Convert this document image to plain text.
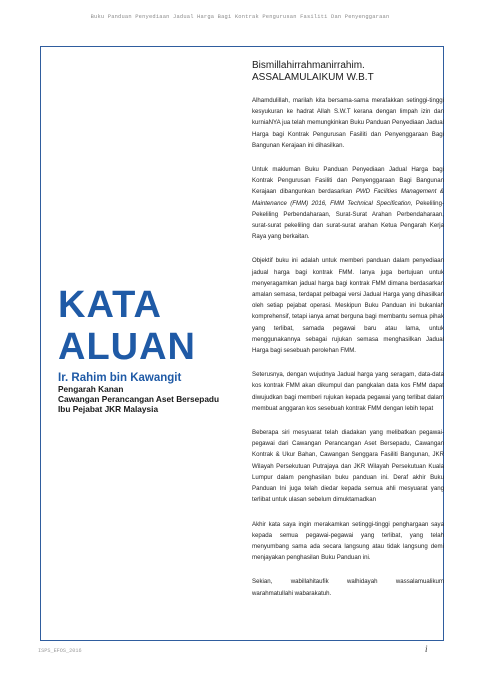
Buku Panduan Penyediaan Jadual Harga Bagi Kontrak Pengurusan Fasiliti Dan Penyenggaraan
KATA
ALUAN
Ir. Rahim bin Kawangit
Pengarah Kanan
Cawangan Perancangan Aset Bersepadu
Ibu Pejabat JKR Malaysia
Bismillahirrahmanirrahim.
ASSALAMULAIKUM W.B.T

Alhamdulillah, marilah kita bersama-sama merafakkan setinggi-tinggi kesyukuran ke hadrat Allah S.W.T kerana dengan limpah izin dan kurniaNYA jua telah memungkinkan Buku Panduan Penyediaan Jadual Harga bagi Kontrak Pengurusan Fasiliti dan Penyenggaraan Bagi Bangunan Kerajaan ini dihasilkan.

Untuk makluman Buku Panduan Penyediaan Jadual Harga bagi Kontrak Pengurusan Fasiliti dan Penyenggaraan Bagi Bangunan Kerajaan dibangunkan berdasarkan PWD Facilities Management & Maintenance (FMM) 2016, FMM Technical Specification, Pekeliling-Pekeliling Perbendaharaan, Surat-Surat Arahan Perbendaharaan, surat-surat pekeliling dan surat-surat arahan Ketua Pengarah Kerja Raya yang berkaitan.

Objektif buku ini adalah untuk memberi panduan dalam penyediaan jadual harga bagi kontrak FMM. Ianya juga bertujuan untuk menyeragamkan jadual harga bagi kontrak FMM dimana berdasarkan amalan semasa, terdapat pelbagai versi Jadual Harga yang dihasilkan oleh setiap pejabat operasi. Meskipun Buku Panduan ini bukanlah komprehensif, tetapi ianya amat berguna bagi membantu semua pihak yang terlibat, samada pegawai baru atau lama, untuk menggunakannya sebagai rujukan semasa menghasilkan Jadual Harga bagi sesebuah perolehan FMM.

Seterusnya, dengan wujudnya Jadual harga yang seragam, data-data kos kontrak FMM akan dikumpul dan pangkalan data kos FMM dapat diwujudkan bagi memberi rujukan kepada pegawai yang terlibat dalam membuat anggaran kos sesebuah kontrak FMM dengan lebih tepat

Beberapa siri mesyuarat telah diadakan yang melibatkan pegawai-pegawai dari Cawangan Perancangan Aset Bersepadu, Cawangan Kontrak & Ukur Bahan, Cawangan Senggara Fasiliti Bangunan, JKR Wilayah Persekutuan Putrajaya dan JKR Wilayah Persekutuan Kuala Lumpur dalam penghasilan buku panduan ini. Deraf akhir Buku Panduan Ini juga telah diedar kepada semua ahli mesyuarat yang terlibat untuk ulasan sebelum dimuktamadkan

Akhir kata saya ingin merakamkan setinggi-tinggi penghargaan saya kepada semua pegawai-pegawai yang terlibat, yang telah menyumbang sama ada secara langsung atau tidak langsung demi menjayakan penghasilan Buku Panduan ini.

Sekian,	wabillahitaufik	walhidayah	wassalamualikum
warahmatullahi wabarakatuh.
ISPS_EFOS_2016	i
